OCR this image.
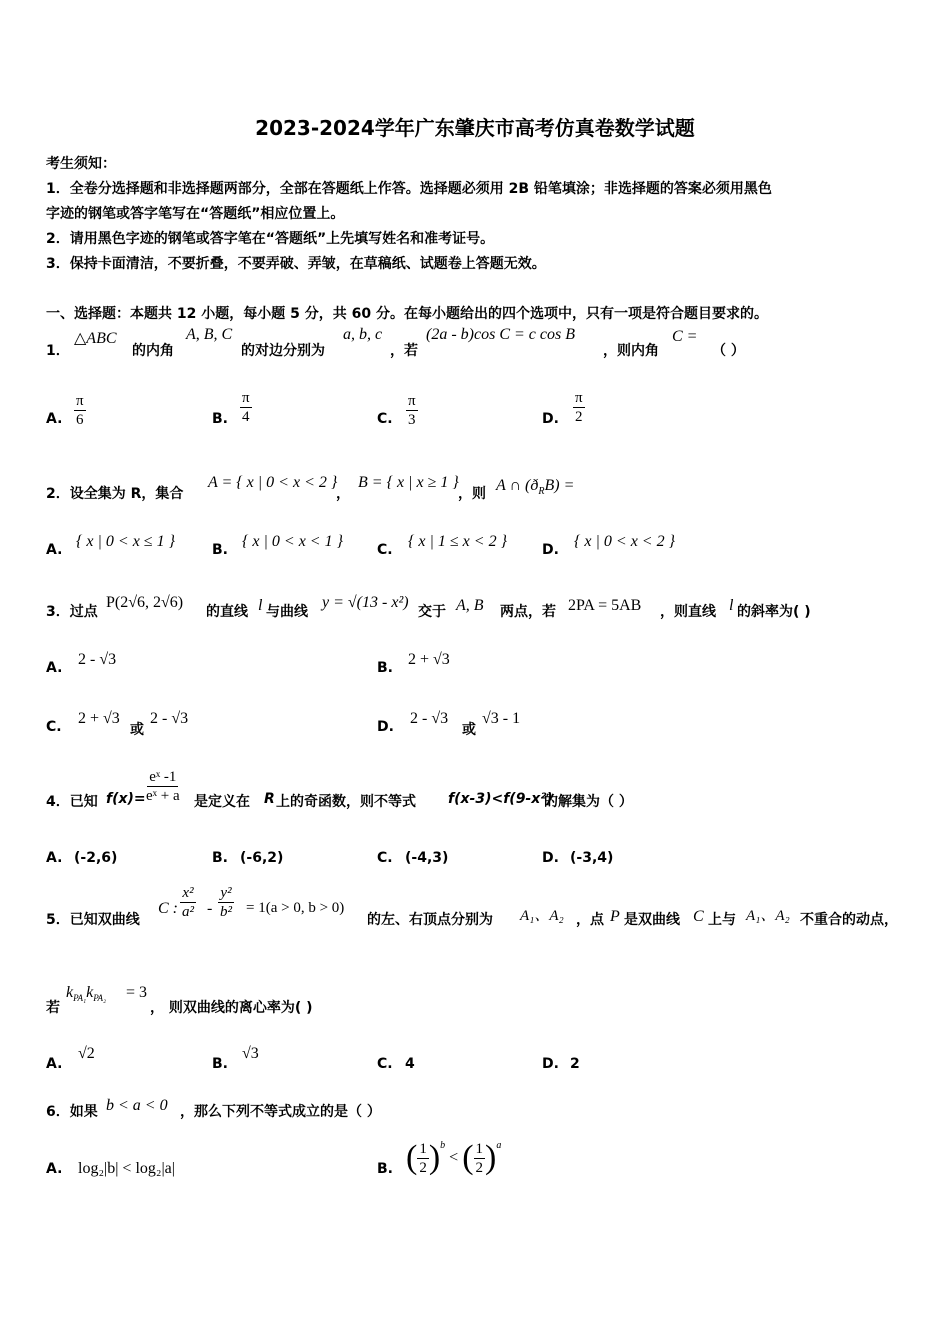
2023-2024学年广东肇庆市高考仿真卷数学试题
考生须知：
1．全卷分选择题和非选择题两部分，全部在答题纸上作答。选择题必须用 2B 铅笔填涂；非选择题的答案必须用黑色
字迹的钢笔或答字笔写在“答题纸”相应位置上。
2．请用黑色字迹的钢笔或答字笔在“答题纸”上先填写姓名和准考证号。
3．保持卡面清洁，不要折叠，不要弄破、弄皱，在草稿纸、试题卷上答题无效。
一、选择题：本题共 12 小题，每小题 5 分，共 60 分。在每小题给出的四个选项中，只有一项是符合题目要求的。
1．
△ABC
的内角
A, B, C
的对边分别为
a, b, c
，若
(2a - b)cos C = c cos B
，则内角
C =
（ ）
A. $\frac{\pi}{6}$	B. $\frac{\pi}{4}$	C. $\frac{\pi}{3}$	D. $\frac{\pi}{2}$
2．设全集为 R，集合
A = { x | 0 < x < 2 }
，
B = { x | x ≥ 1 }
，则 A ∩ $(ð_RB)$ =
A. { x | 0 < x ≤ 1 }	B. { x | 0 < x < 1 } C. { x | 1 ≤ x < 2 }	D. { x | 0 < x < 2 }
3．过点
P(2√6, 2√6)
的直线 l 与曲线
y = √(13 - x²)
交于 A, B 两点，若 2PA = 5AB ，则直线 l 的斜率为( )
A. 2 - √3	B. 2 + √3
C. 2 + √3
或
2 - √3	D. 2 - √3
或
√3 - 1
4．已知 f(x)=
$\frac{\text{eˣ -1}}{\text{eˣ + a}}$ 是定义在 R 上的奇函数，则不等式 f(x-3)<f(9-x²)
的解集为（ ）
A. (-2,6)	B. (-6,2)	C. (-4,3)	D. (-3,4)
5．已知双曲线
C : $\frac{\text{x²}}{\text{a²}} - \frac{\text{y²}}{\text{b²}} = 1(a > 0$, b > 0)
的左、右顶点分别为 A₁、A₂ ，点 P 是双曲线 C 上与 A₁、A₂ 不重合的动点，
若
$k_{PA_1}k_{PA_2} = 3$
， 则双曲线的离心率为( )
A.
√2
B.
√3
C. 4	D. 2
6．如果 b < a < 0 ，那么下列不等式成立的是（ ）
A. log₂|b| < log₂|a|	B. ( $\frac{1}{2}$ ) b
< ( $\frac{1}{2}$ ) a
